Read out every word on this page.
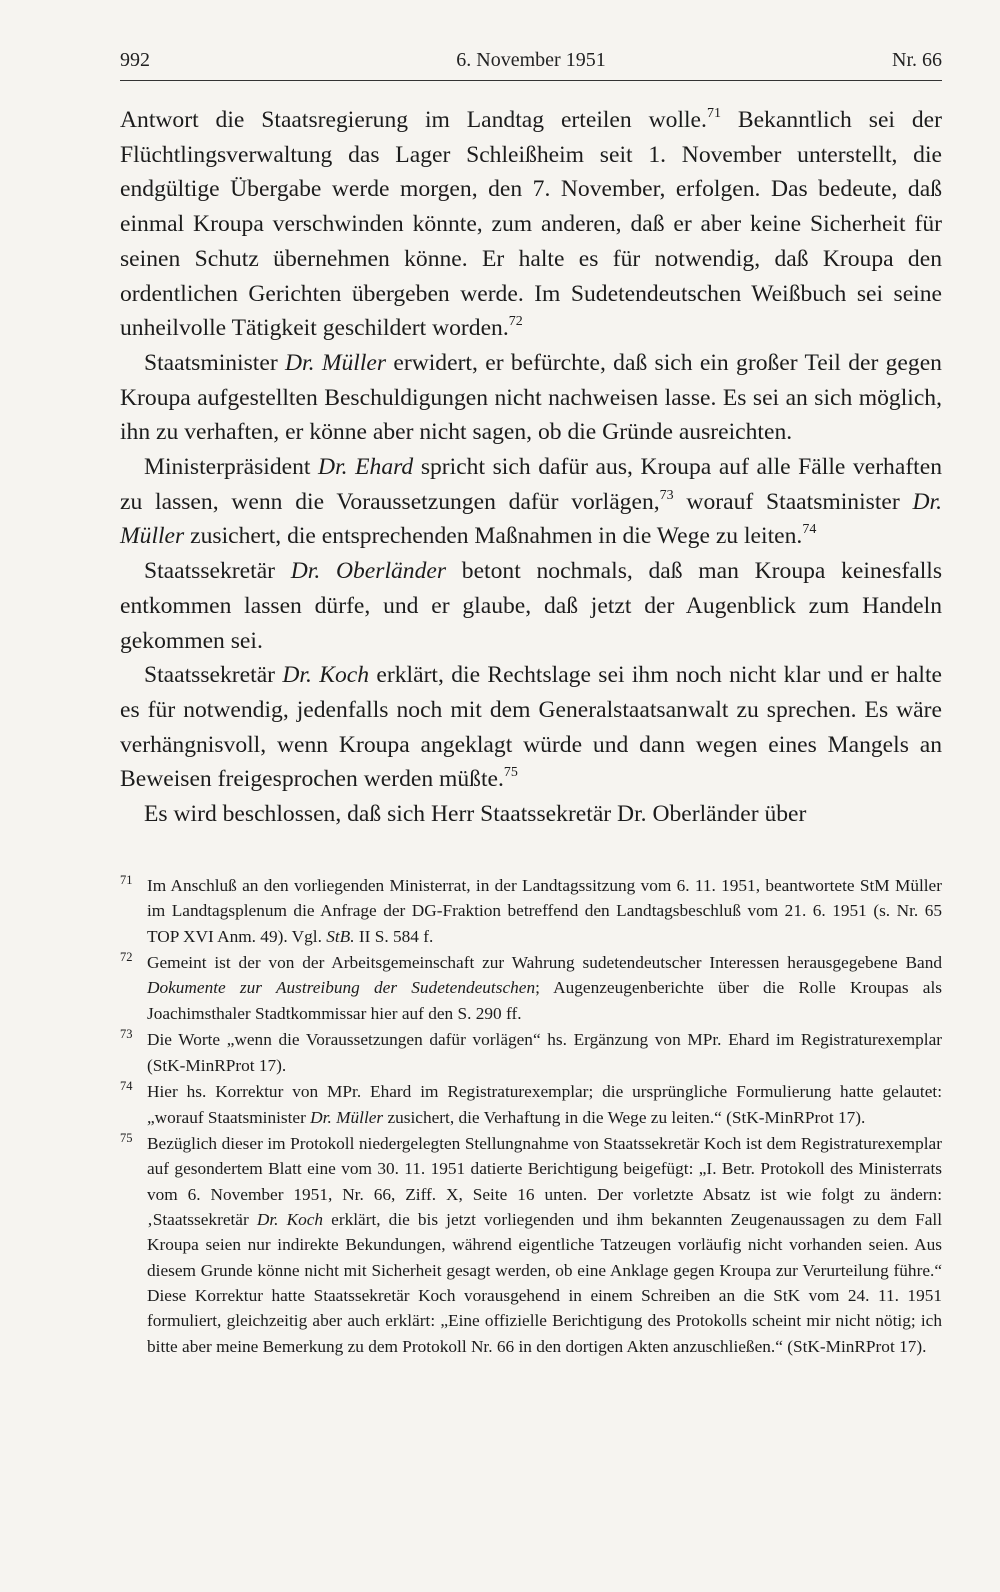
992	6. November 1951	Nr. 66

Antwort die Staatsregierung im Landtag erteilen wolle.$^{71}$ Bekanntlich sei der Flüchtlingsverwaltung das Lager Schleißheim seit 1. November unterstellt, die endgültige Übergabe werde morgen, den 7. November, erfolgen. Das bedeute, daß einmal Kroupa verschwinden könnte, zum anderen, daß er aber keine Sicherheit für seinen Schutz übernehmen könne. Er halte es für notwendig, daß Kroupa den ordentlichen Gerichten übergeben werde. Im Sudetendeutschen Weißbuch sei seine unheilvolle Tätigkeit geschildert worden.$^{72}$

Staatsminister Dr. Müller erwidert, er befürchte, daß sich ein großer Teil der gegen Kroupa aufgestellten Beschuldigungen nicht nachweisen lasse. Es sei an sich möglich, ihn zu verhaften, er könne aber nicht sagen, ob die Gründe ausreichten.

Ministerpräsident Dr. Ehard spricht sich dafür aus, Kroupa auf alle Fälle verhaften zu lassen, wenn die Voraussetzungen dafür vorlägen,$^{73}$ worauf Staatsminister Dr. Müller zusichert, die entsprechenden Maßnahmen in die Wege zu leiten.$^{74}$

Staatssekretär Dr. Oberländer betont nochmals, daß man Kroupa keinesfalls entkommen lassen dürfe, und er glaube, daß jetzt der Augenblick zum Handeln gekommen sei.

Staatssekretär Dr. Koch erklärt, die Rechtslage sei ihm noch nicht klar und er halte es für notwendig, jedenfalls noch mit dem Generalstaatsanwalt zu sprechen. Es wäre verhängnisvoll, wenn Kroupa angeklagt würde und dann wegen eines Mangels an Beweisen freigesprochen werden müßte.$^{75}$

Es wird beschlossen, daß sich Herr Staatssekretär Dr. Oberländer über

71 Im Anschluß an den vorliegenden Ministerrat, in der Landtagssitzung vom 6. 11. 1951, beantwortete StM Müller im Landtagsplenum die Anfrage der DG-Fraktion betreffend den Landtagsbeschluß vom 21. 6. 1951 (s. Nr. 65 TOP XVI Anm. 49). Vgl. StB. II S. 584 f.
72 Gemeint ist der von der Arbeitsgemeinschaft zur Wahrung sudetendeutscher Interessen herausgegebene Band Dokumente zur Austreibung der Sudetendeutschen; Augenzeugenberichte über die Rolle Kroupas als Joachimsthaler Stadtkommissar hier auf den S. 290 ff.
73 Die Worte „wenn die Voraussetzungen dafür vorlägen“ hs. Ergänzung von MPr. Ehard im Registraturexemplar (StK-MinRProt 17).
74 Hier hs. Korrektur von MPr. Ehard im Registraturexemplar; die ursprüngliche Formulierung hatte gelautet: „worauf Staatsminister Dr. Müller zusichert, die Verhaftung in die Wege zu leiten.“ (StK-MinRProt 17).
75 Bezüglich dieser im Protokoll niedergelegten Stellungnahme von Staatssekretär Koch ist dem Registraturexemplar auf gesondertem Blatt eine vom 30. 11. 1951 datierte Berichtigung beigefügt: „I. Betr. Protokoll des Ministerrats vom 6. November 1951, Nr. 66, Ziff. X, Seite 16 unten. Der vorletzte Absatz ist wie folgt zu ändern: ‚Staatssekretär Dr. Koch erklärt, die bis jetzt vorliegenden und ihm bekannten Zeugenaussagen zu dem Fall Kroupa seien nur indirekte Bekundungen, während eigentliche Tatzeugen vorläufig nicht vorhanden seien. Aus diesem Grunde könne nicht mit Sicherheit gesagt werden, ob eine Anklage gegen Kroupa zur Verurteilung führe.“ Diese Korrektur hatte Staatssekretär Koch vorausgehend in einem Schreiben an die StK vom 24. 11. 1951 formuliert, gleichzeitig aber auch erklärt: „Eine offizielle Berichtigung des Protokolls scheint mir nicht nötig; ich bitte aber meine Bemerkung zu dem Protokoll Nr. 66 in den dortigen Akten anzuschließen.“ (StK-MinRProt 17).
